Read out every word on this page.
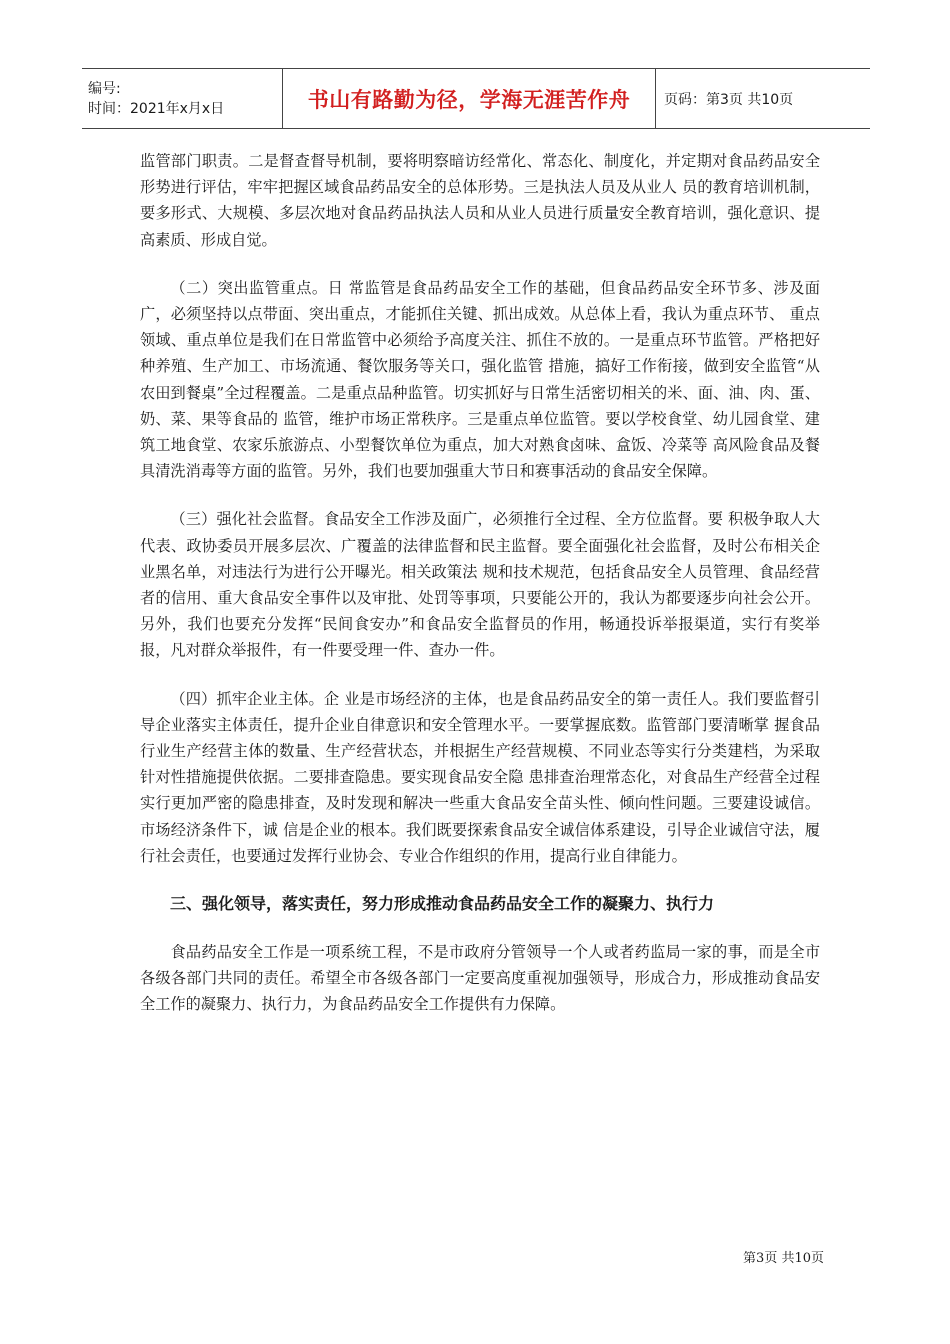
编号:
时间：2021年x月x日	书山有路勤为径，学海无涯苦作舟 页码：第3页 共10页

监管部门职责。二是督查督导机制，要将明察暗访经常化、常态化、制度化，并定期对食品药品安全形势进行评估，牢牢把握区域食品药品安全的总体形势。三是执法人员及从业人 员的教育培训机制，要多形式、大规模、多层次地对食品药品执法人员和从业人员进行质量安全教育培训，强化意识、提高素质、形成自觉。

（二）突出监管重点。日 常监管是食品药品安全工作的基础，但食品药品安全环节多、涉及面广，必须坚持以点带面、突出重点，才能抓住关键、抓出成效。从总体上看，我认为重点环节、 重点领域、重点单位是我们在日常监管中必须给予高度关注、抓住不放的。一是重点环节监管。严格把好种养殖、生产加工、市场流通、餐饮服务等关口，强化监管 措施，搞好工作衔接，做到安全监管“从农田到餐桌”全过程覆盖。二是重点品种监管。切实抓好与日常生活密切相关的米、面、油、肉、蛋、奶、菜、果等食品的 监管，维护市场正常秩序。三是重点单位监管。要以学校食堂、幼儿园食堂、建筑工地食堂、农家乐旅游点、小型餐饮单位为重点，加大对熟食卤味、盒饭、冷菜等 高风险食品及餐具清洗消毒等方面的监管。另外，我们也要加强重大节日和赛事活动的食品安全保障。

（三）强化社会监督。食品安全工作涉及面广，必须推行全过程、全方位监督。要 积极争取人大代表、政协委员开展多层次、广覆盖的法律监督和民主监督。要全面强化社会监督，及时公布相关企业黑名单，对违法行为进行公开曝光。相关政策法 规和技术规范，包括食品安全人员管理、食品经营者的信用、重大食品安全事件以及审批、处罚等事项，只要能公开的，我认为都要逐步向社会公开。另外，我们也要充分发挥“民间食安办”和食品安全监督员的作用，畅通投诉举报渠道，实行有奖举报，凡对群众举报件，有一件要受理一件、查办一件。

（四）抓牢企业主体。企 业是市场经济的主体，也是食品药品安全的第一责任人。我们要监督引导企业落实主体责任，提升企业自律意识和安全管理水平。一要掌握底数。监管部门要清晰掌 握食品行业生产经营主体的数量、生产经营状态，并根据生产经营规模、不同业态等实行分类建档，为采取针对性措施提供依据。二要排查隐患。要实现食品安全隐 患排查治理常态化，对食品生产经营全过程实行更加严密的隐患排查，及时发现和解决一些重大食品安全苗头性、倾向性问题。三要建设诚信。市场经济条件下，诚 信是企业的根本。我们既要探索食品安全诚信体系建设，引导企业诚信守法，履行社会责任，也要通过发挥行业协会、专业合作组织的作用，提高行业自律能力。

三、强化领导，落实责任，努力形成推动食品药品安全工作的凝聚力、执行力

食品药品安全工作是一项系统工程，不是市政府分管领导一个人或者药监局一家的事，而是全市各级各部门共同的责任。希望全市各级各部门一定要高度重视加强领导，形成合力，形成推动食品安全工作的凝聚力、执行力，为食品药品安全工作提供有力保障。

第3页 共10页
